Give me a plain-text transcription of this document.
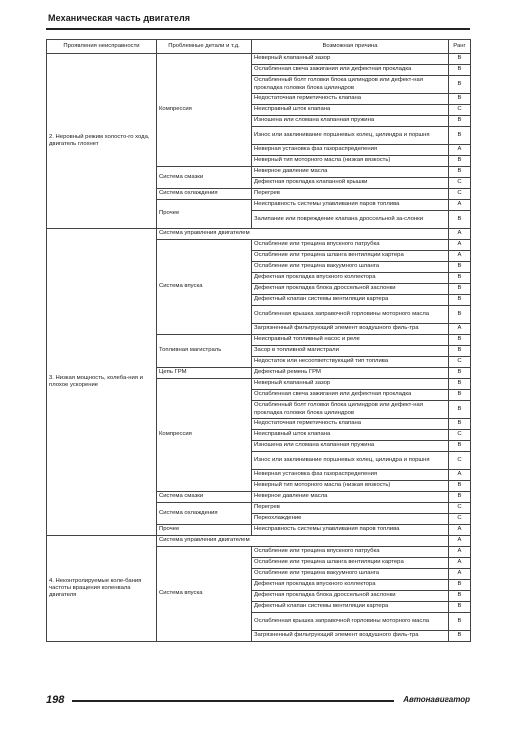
Механическая часть двигателя
Проявления неисправности	Проблемные детали и т.д.	Возможная причина	Ранг
2. Неровный режим холосто-го хода, двигатель глохнет	Компрессия	Неверный клапанный зазор	B
		Ослабленная свеча зажигания или дефектная прокладка	B
		Ослабленный болт головки блока цилиндров или дефект-ная прокладка головки блока цилиндров	B
		Недостаточная герметичность клапана	B
		Неисправный шток клапана	C
		Изношена или сломана клапанная пружина	B
		Износ или заклинивание поршневых колец, цилиндра и поршня	B
		Неверная установка фаз газораспределения	A
		Неверный тип моторного масла (низкая вязкость)	B
	Система смазки	Неверное давление масла	B
		Дефектная прокладка клапанной крышки	C
	Система охлаждения	Перегрев	C
	Прочее	Неисправность системы улавливания паров топлива	A
		Залипание или повреждение клапана дроссельной за-слонки	B
3. Низкая мощность, колеба-ния и плохое ускорение	Система управления двигателем		A
	Система впуска	Ослабление или трещина впускного патрубка	A
		Ослабление или трещина шланга вентиляции картера	A
		Ослабление или трещина вакуумного шланга	B
		Дефектная прокладка впускного коллектора	B
		Дефектная прокладка блока дроссельной заслонки	B
		Дефектный клапан системы вентиляции картера	B
		Ослабленная крышка заправочной горловины моторного масла	B
		Загрязненный фильтрующий элемент воздушного филь-тра	A
	Топливная магистраль	Неисправный топливный насос и реле	B
		Засор в топливной магистрали	B
		Недостаток или несоответствующий тип топлива	C
	Цепь ГРМ	Дефектный ремень ГРМ	B
	Компрессия	Неверный клапанный зазор	B
		Ослабленная свеча зажигания или дефектная прокладка	B
		Ослабленный болт головки блока цилиндров или дефект-ная прокладка головки блока цилиндров	B
		Недостаточная герметичность клапана	B
		Неисправный шток клапана	C
		Изношена или сломана клапанная пружина	B
		Износ или заклинивание поршневых колец, цилиндра и поршня	C
		Неверная установка фаз газораспределения	A
		Неверный тип моторного масла (низкая вязкость)	B
	Система смазки	Неверное давление масла	B
	Система охлаждения	Перегрев	C
		Переохлаждение	C
	Прочее	Неисправность системы улавливания паров топлива	A
4. Неконтролируемые коле-бания частоты вращения коленвала двигателя	Система управления двигателем		A
	Система впуска	Ослабление или трещина впускного патрубка	A
		Ослабление или трещина шланга вентиляции картера	A
		Ослабление или трещина вакуумного шланга	A
		Дефектная прокладка впускного коллектора	B
		Дефектная прокладка блока дроссельной заслонки	B
		Дефектный клапан системы вентиляции картера	B
		Ослабленная крышка заправочной горловины моторного масла	B
		Загрязненный фильтрующий элемент воздушного филь-тра	B
198	Автонавигатор
